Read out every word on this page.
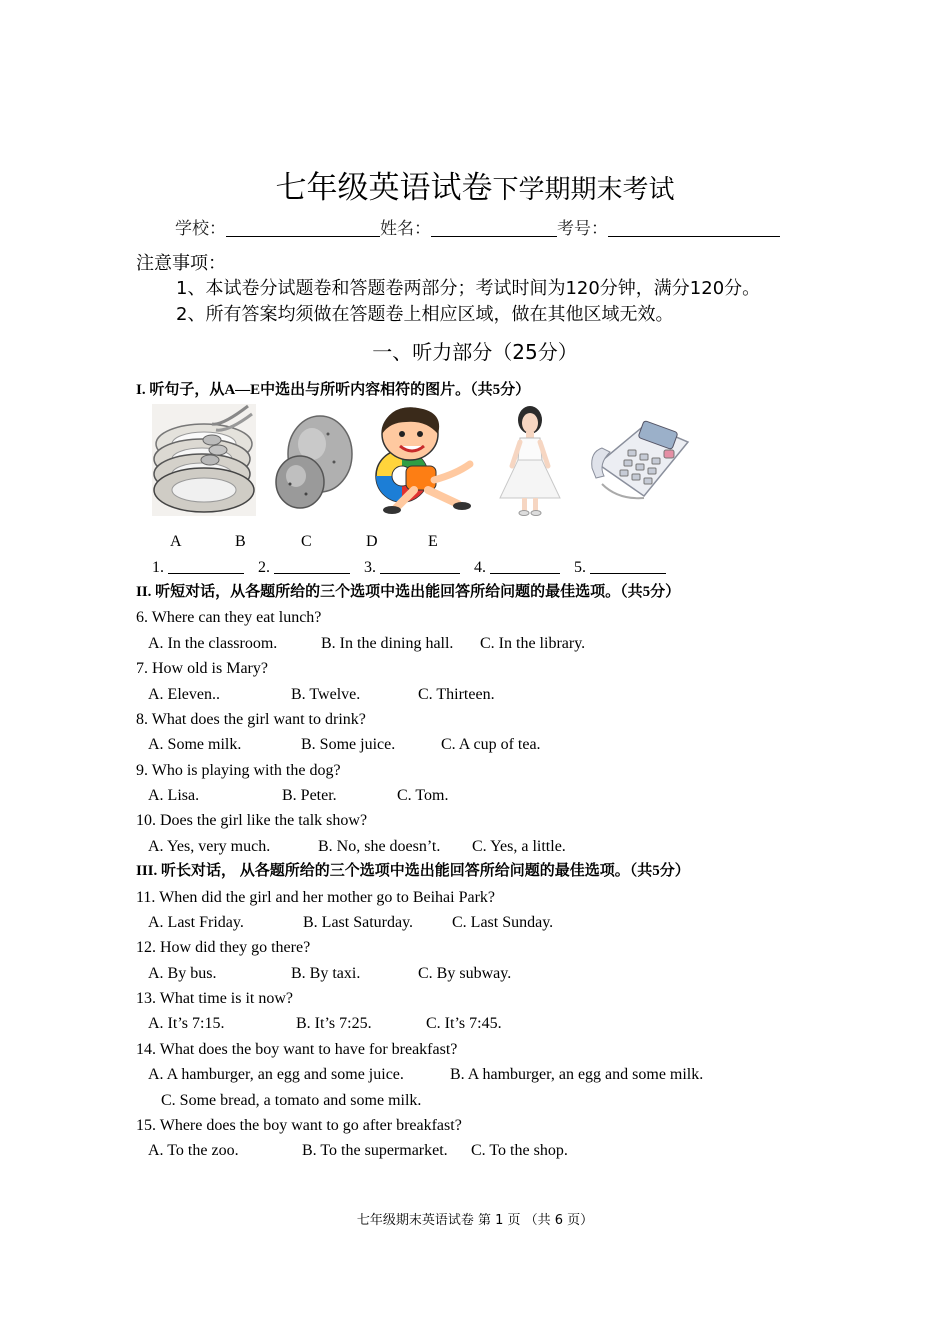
七年级英语试卷下学期期末考试
学校：	姓名：	考号：
注意事项：
1、本试卷分试题卷和答题卷两部分；考试时间为120分钟，满分120分。
2、所有答案均须做在答题卷上相应区域，做在其他区域无效。
一、听力部分（25分）
I. 听句子，从A—E中选出与所听内容相符的图片。（共5分）
A	B	C	D	E
1.	2.	3.	4.	5.
II. 听短对话，从各题所给的三个选项中选出能回答所给问题的最佳选项。（共5分）
6. Where can they eat lunch?
A. In the classroom.	B. In the dining hall. C. In the library.
7. How old is Mary?
A. Eleven..	B. Twelve.	C. Thirteen.
8. What does the girl want to drink?
A. Some milk.	B. Some juice.	C. A cup of tea.
9. Who is playing with the dog?
A. Lisa.	B. Peter.	C. Tom.
10. Does the girl like the talk show?
A. Yes, very much.	B. No, she doesn’t. C. Yes, a little.
III. 听长对话， 从各题所给的三个选项中选出能回答所给问题的最佳选项。（共5分）
11. When did the girl and her mother go to Beihai Park?
A. Last Friday.	B. Last Saturday. C. Last Sunday.
12. How did they go there?
A. By bus.	B. By taxi.	C. By subway.
13. What time is it now?
A. It’s 7:15.	B. It’s 7:25.	C. It’s 7:45.
14. What does the boy want to have for breakfast?
A. A hamburger, an egg and some juice.	B. A hamburger, an egg and some milk.
C. Some bread, a tomato and some milk.
15. Where does the boy want to go after breakfast?
A. To the zoo.	B. To the supermarket. C. To the shop.
七年级期末英语试卷 第 1 页 （共 6 页）
